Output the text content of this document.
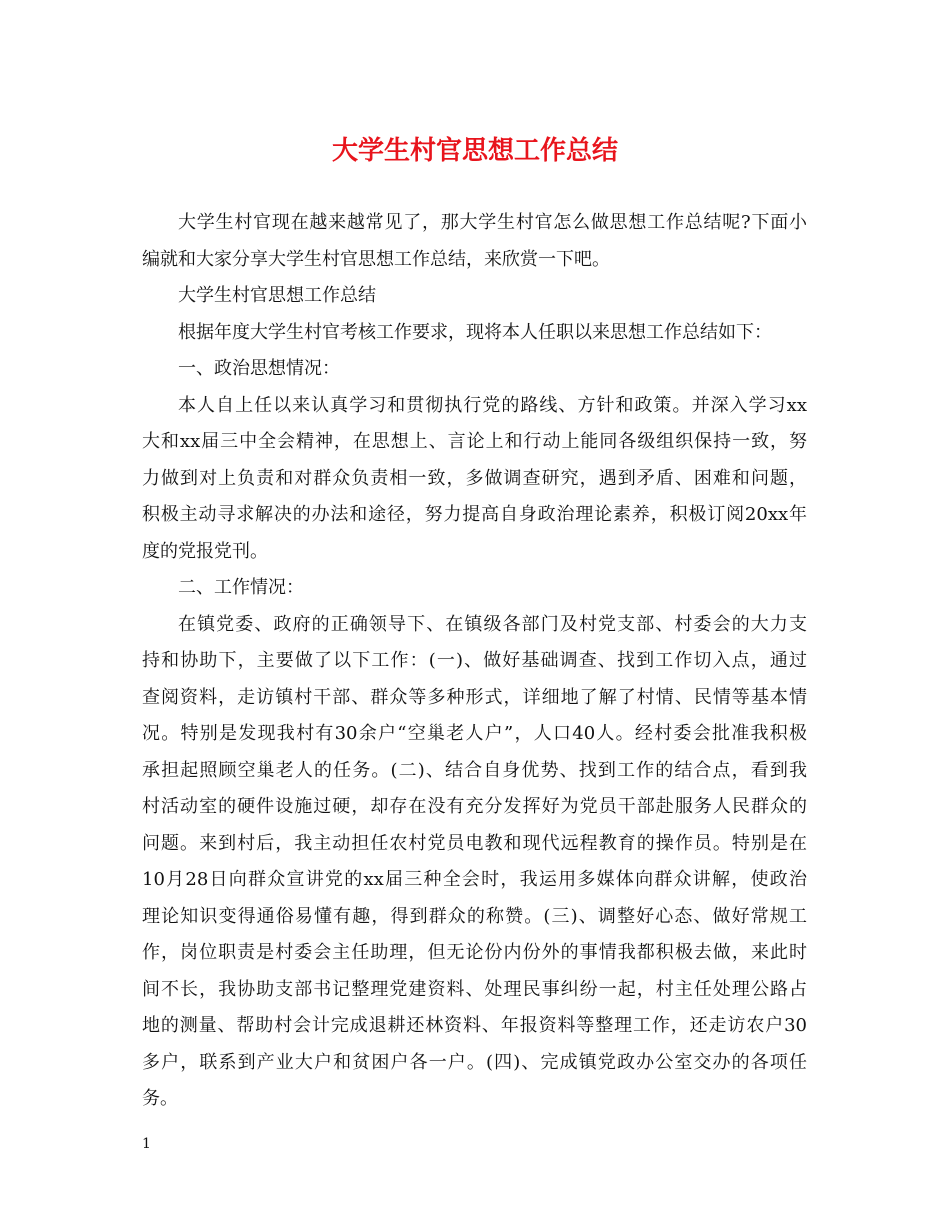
大学生村官思想工作总结
大学生村官现在越来越常见了，那大学生村官怎么做思想工作总结呢?下面小
编就和大家分享大学生村官思想工作总结，来欣赏一下吧。
大学生村官思想工作总结
根据年度大学生村官考核工作要求，现将本人任职以来思想工作总结如下：
一、政治思想情况：
本人自上任以来认真学习和贯彻执行党的路线、方针和政策。并深入学习xx
大和xx届三中全会精神，在思想上、言论上和行动上能同各级组织保持一致，努
力做到对上负责和对群众负责相一致，多做调查研究，遇到矛盾、困难和问题，
积极主动寻求解决的办法和途径，努力提高自身政治理论素养，积极订阅20xx年
度的党报党刊。
二、工作情况：
在镇党委、政府的正确领导下、在镇级各部门及村党支部、村委会的大力支
持和协助下，主要做了以下工作：(一)、做好基础调查、找到工作切入点，通过
查阅资料，走访镇村干部、群众等多种形式，详细地了解了村情、民情等基本情
况。特别是发现我村有30余户“空巢老人户”，人口40人。经村委会批准我积极
承担起照顾空巢老人的任务。(二)、结合自身优势、找到工作的结合点，看到我
村活动室的硬件设施过硬，却存在没有充分发挥好为党员干部赴服务人民群众的
问题。来到村后，我主动担任农村党员电教和现代远程教育的操作员。特别是在
10月28日向群众宣讲党的xx届三种全会时，我运用多媒体向群众讲解，使政治
理论知识变得通俗易懂有趣，得到群众的称赞。(三)、调整好心态、做好常规工
作，岗位职责是村委会主任助理，但无论份内份外的事情我都积极去做，来此时
间不长，我协助支部书记整理党建资料、处理民事纠纷一起，村主任处理公路占
地的测量、帮助村会计完成退耕还林资料、年报资料等整理工作，还走访农户30
多户，联系到产业大户和贫困户各一户。(四)、完成镇党政办公室交办的各项任
务。
1
